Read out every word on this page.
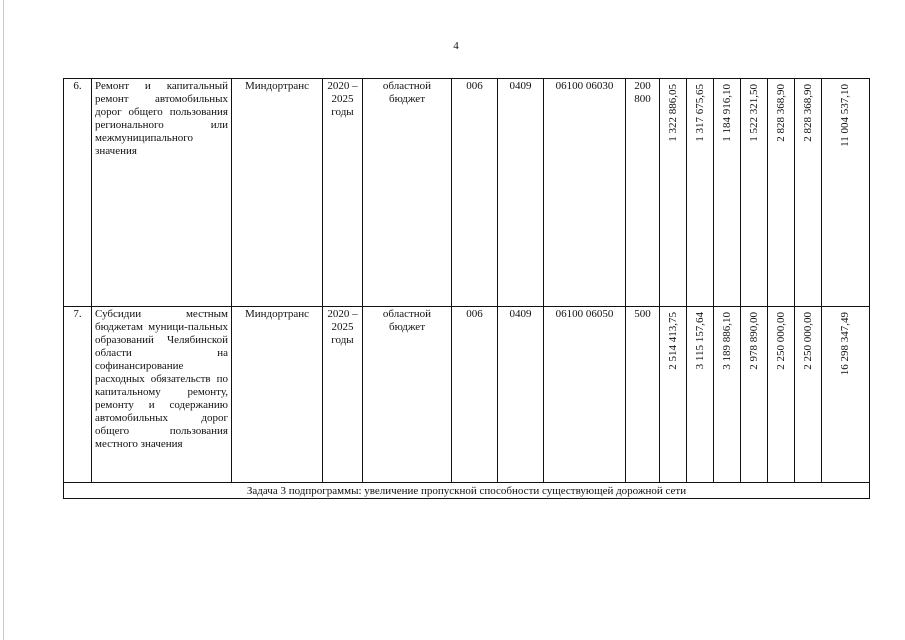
4
6.	Ремонт и капитальный ремонт автомобильных дорог общего пользования регионального или межмуниципального значения	Миндортранс	2020 – 2025 годы	областной бюджет	006	0409	06100 06030	200 800	1 322 886,05	1 317 675,65	1 184 916,10	1 522 321,50	2 828 368,90	2 828 368,90	11 004 537,10

7.	Субсидии местным бюджетам муници-пальных образований Челябинской области на софинансирование расходных обязательств по капитальному ремонту, ремонту и содержанию автомобильных дорог общего пользования местного значения	Миндортранс	2020 – 2025 годы	областной бюджет	006	0409	06100 06050	500	2 514 413,75	3 115 157,64	3 189 886,10	2 978 890,00	2 250 000,00	2 250 000,00	16 298 347,49

Задача 3 подпрограммы: увеличение пропускной способности существующей дорожной сети															
